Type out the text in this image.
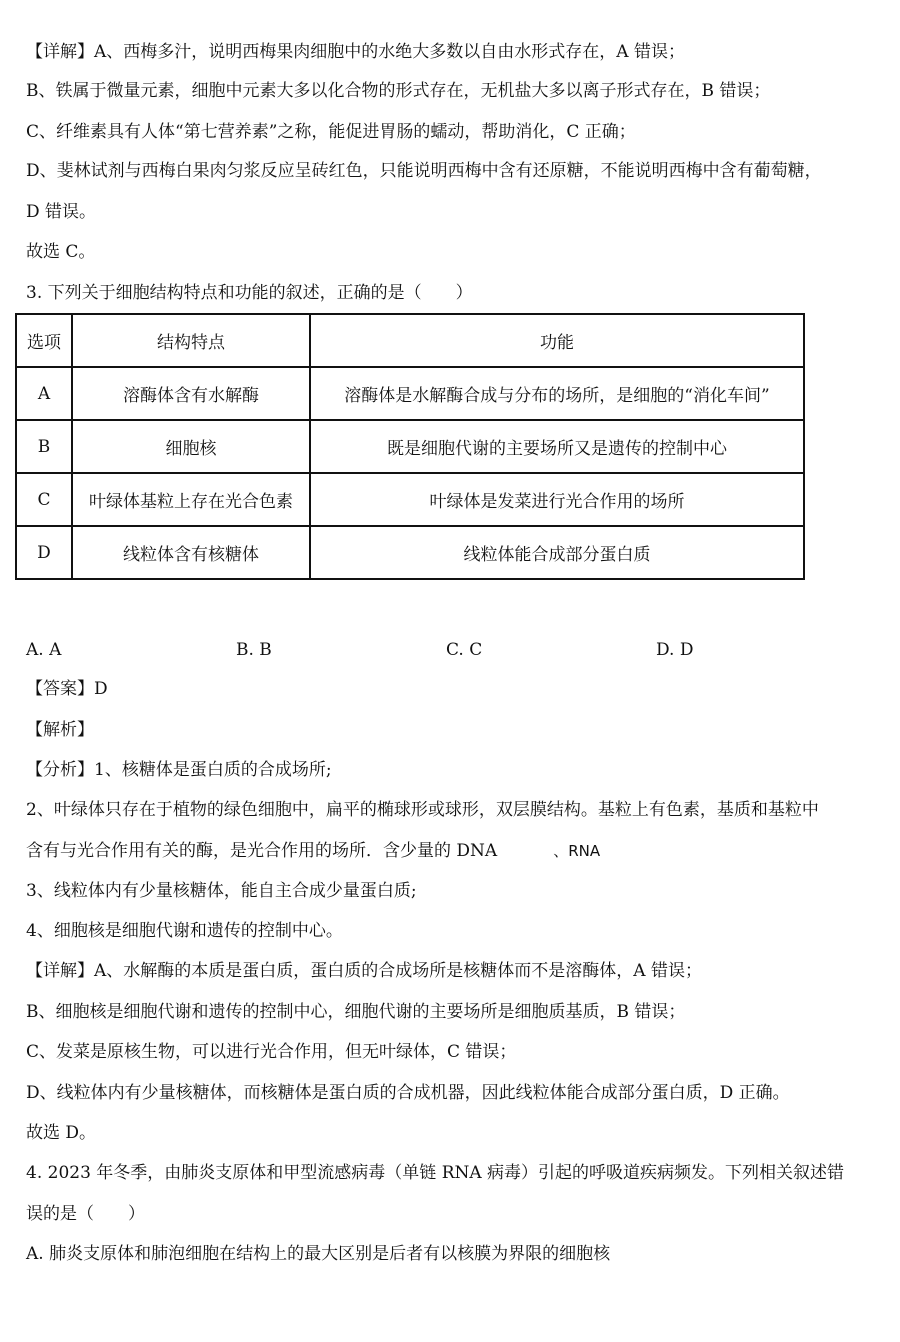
【详解】A、西梅多汁，说明西梅果肉细胞中的水绝大多数以自由水形式存在，A 错误；
B、铁属于微量元素，细胞中元素大多以化合物的形式存在，无机盐大多以离子形式存在，B 错误；
C、纤维素具有人体“第七营养素”之称，能促进胃肠的蠕动，帮助消化，C 正确；
D、斐林试剂与西梅白果肉匀浆反应呈砖红色，只能说明西梅中含有还原糖，不能说明西梅中含有葡萄糖，
D 错误。
故选 C。
3. 下列关于细胞结构特点和功能的叙述，正确的是（　　）
选项	结构特点	功能
A	溶酶体含有水解酶	溶酶体是水解酶合成与分布的场所，是细胞的“消化车间”
B	细胞核	既是细胞代谢的主要场所又是遗传的控制中心
C	叶绿体基粒上存在光合色素	叶绿体是发菜进行光合作用的场所
D	线粒体含有核糖体	线粒体能合成部分蛋白质
A. A	B. B	C. C	D. D
【答案】D
【解析】
【分析】1、核糖体是蛋白质的合成场所;
2、叶绿体只存在于植物的绿色细胞中，扁平的椭球形或球形，双层膜结构。基粒上有色素，基质和基粒中
含有与光合作用有关的酶，是光合作用的场所．含少量的 DNA	、RNA
3、线粒体内有少量核糖体，能自主合成少量蛋白质;
4、细胞核是细胞代谢和遗传的控制中心。
【详解】A、水解酶的本质是蛋白质，蛋白质的合成场所是核糖体而不是溶酶体，A 错误；
B、细胞核是细胞代谢和遗传的控制中心，细胞代谢的主要场所是细胞质基质，B 错误；
C、发菜是原核生物，可以进行光合作用，但无叶绿体，C 错误；
D、线粒体内有少量核糖体，而核糖体是蛋白质的合成机器，因此线粒体能合成部分蛋白质，D 正确。
故选 D。
4. 2023 年冬季，由肺炎支原体和甲型流感病毒（单链 RNA 病毒）引起的呼吸道疾病频发。下列相关叙述错
误的是（　　）
A. 肺炎支原体和肺泡细胞在结构上的最大区别是后者有以核膜为界限的细胞核
